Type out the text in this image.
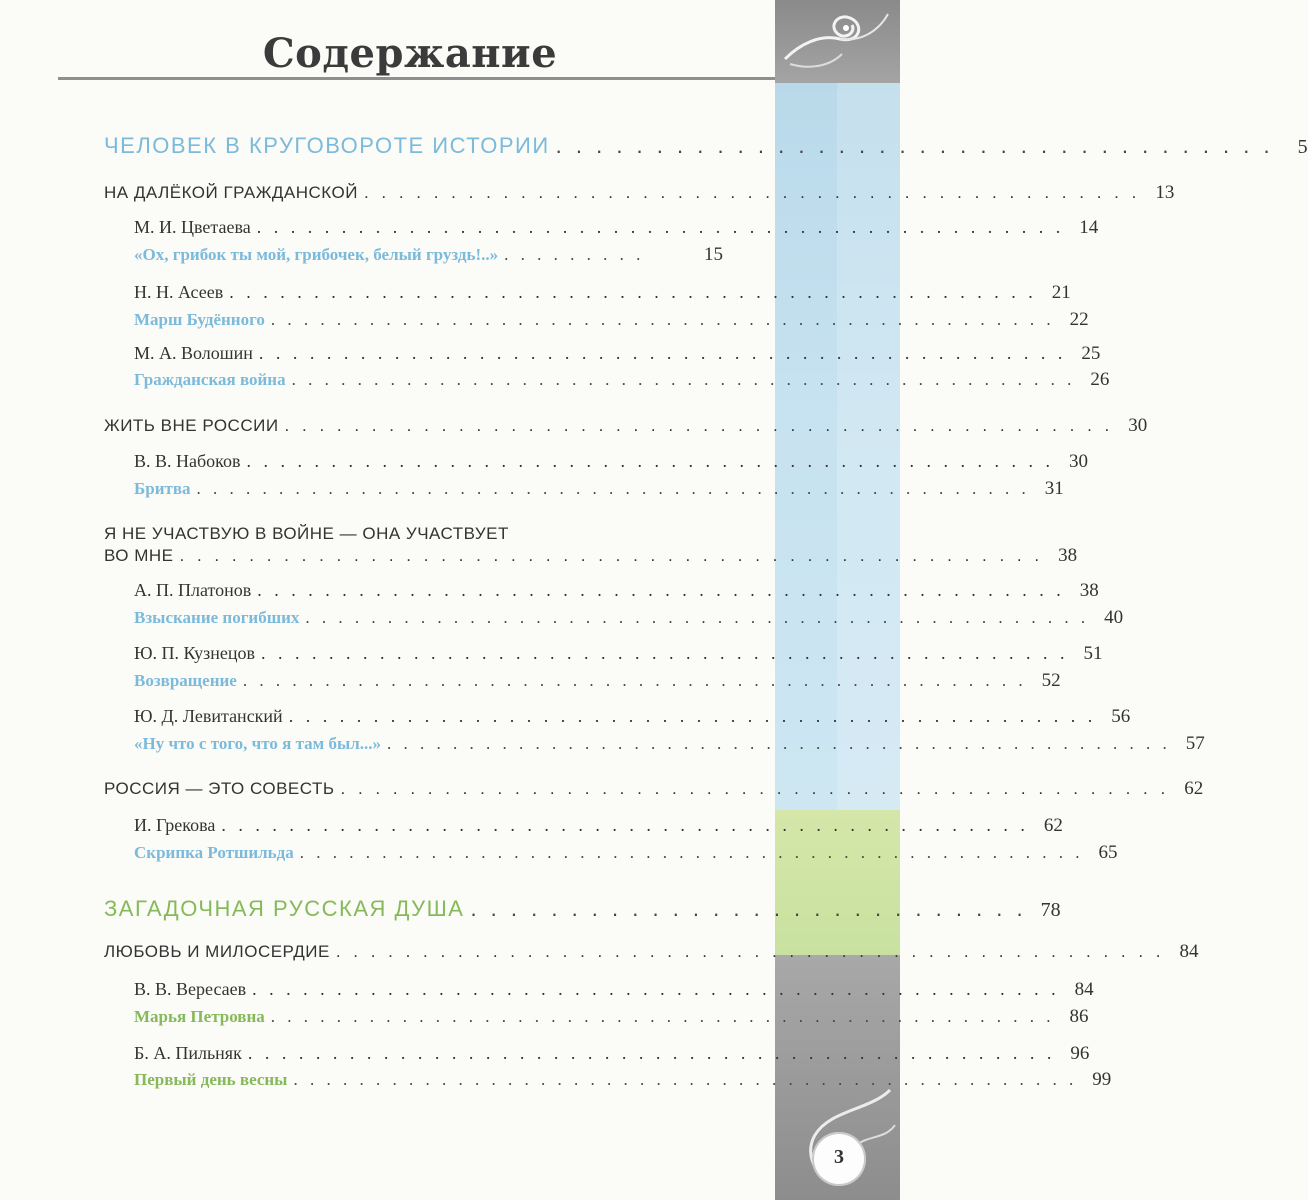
Содержание
ЧЕЛОВЕК В КРУГОВОРОТЕ ИСТОРИИ . . . . . . . . . . . . . . . . . . . . . . . . . . . . . . . . . . . .	5
НА ДАЛЁКОЙ ГРАЖДАНСКОЙ . . . . . . . . . . . . . . . . . . . . . . . . . . . . . . . . . . . . . . . . . . . . . 13
М. И. Цветаева . . . . . . . . . . . . . . . . . . . . . . . . . . . . . . . . . . . . . . . . . . . . . . . . 14
«Ох, грибок ты мой, грибочек, белый груздь!..» . . . . . . . . .	15
Н. Н. Асеев . . . . . . . . . . . . . . . . . . . . . . . . . . . . . . . . . . . . . . . . . . . . . . . . 21
Марш Будённого . . . . . . . . . . . . . . . . . . . . . . . . . . . . . . . . . . . . . . . . . . . . . . . . 22
М. А. Волошин . . . . . . . . . . . . . . . . . . . . . . . . . . . . . . . . . . . . . . . . . . . . . . . . 25
Гражданская война . . . . . . . . . . . . . . . . . . . . . . . . . . . . . . . . . . . . . . . . . . . . . . . . 26
ЖИТЬ ВНЕ РОССИИ . . . . . . . . . . . . . . . . . . . . . . . . . . . . . . . . . . . . . . . . . . . . . . . . 30
В. В. Набоков . . . . . . . . . . . . . . . . . . . . . . . . . . . . . . . . . . . . . . . . . . . . . . . . 30
Бритва . . . . . . . . . . . . . . . . . . . . . . . . . . . . . . . . . . . . . . . . . . . . . . . . . . . 31
Я НЕ УЧАСТВУЮ В ВОЙНЕ — ОНА УЧАСТВУЕТ
ВО МНЕ . . . . . . . . . . . . . . . . . . . . . . . . . . . . . . . . . . . . . . . . . . . . . . . . . . 38
А. П. Платонов . . . . . . . . . . . . . . . . . . . . . . . . . . . . . . . . . . . . . . . . . . . . . . . . 38
Взыскание погибших . . . . . . . . . . . . . . . . . . . . . . . . . . . . . . . . . . . . . . . . . . . . . . . . 40
Ю. П. Кузнецов . . . . . . . . . . . . . . . . . . . . . . . . . . . . . . . . . . . . . . . . . . . . . . . . 51
Возвращение . . . . . . . . . . . . . . . . . . . . . . . . . . . . . . . . . . . . . . . . . . . . . . . . 52
Ю. Д. Левитанский . . . . . . . . . . . . . . . . . . . . . . . . . . . . . . . . . . . . . . . . . . . . . . . . 56
«Ну что с того, что я там был...» . . . . . . . . . . . . . . . . . . . . . . . . . . . . . . . . . . . . . . . . . . . . . . . . 57
РОССИЯ — ЭТО СОВЕСТЬ . . . . . . . . . . . . . . . . . . . . . . . . . . . . . . . . . . . . . . . . . . . . . . . . 62
И. Грекова . . . . . . . . . . . . . . . . . . . . . . . . . . . . . . . . . . . . . . . . . . . . . . . . 62
Скрипка Ротшильда . . . . . . . . . . . . . . . . . . . . . . . . . . . . . . . . . . . . . . . . . . . . . . . . 65
ЗАГАДОЧНАЯ РУССКАЯ ДУША . . . . . . . . . . . . . . . . . . . . . . . . . . . . 78
ЛЮБОВЬ И МИЛОСЕРДИЕ . . . . . . . . . . . . . . . . . . . . . . . . . . . . . . . . . . . . . . . . . . . . . . . . 84
В. В. Вересаев . . . . . . . . . . . . . . . . . . . . . . . . . . . . . . . . . . . . . . . . . . . . . . . . 84
Марья Петровна . . . . . . . . . . . . . . . . . . . . . . . . . . . . . . . . . . . . . . . . . . . . . . . . 86
Б. А. Пильняк . . . . . . . . . . . . . . . . . . . . . . . . . . . . . . . . . . . . . . . . . . . . . . . . 96
Первый день весны . . . . . . . . . . . . . . . . . . . . . . . . . . . . . . . . . . . . . . . . . . . . . . . . 99
3
